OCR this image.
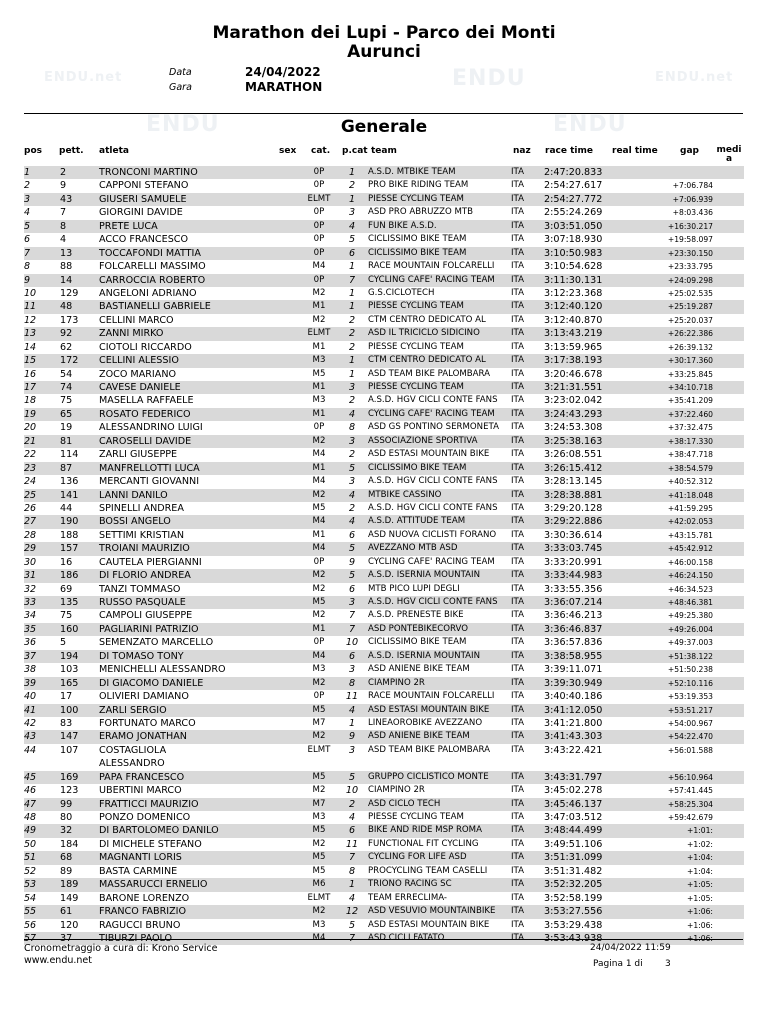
ENDU.net	ENDU	ENDU.net
ENDU	ENDU
Marathon dei Lupi - Parco dei Monti
Aurunci
Data	24/04/2022
Gara	MARATHON
Generale
pos pett. atleta	sex cat. p.cat team	naz race time real time gap medi a
1	2	TRONCONI MARTINO	0P	1	A.S.D. MTBIKE TEAM	ITA 2:47:20.833
2	9	CAPPONI STEFANO	0P	2	PRO BIKE RIDING TEAM	ITA 2:54:27.617	+7:06.784
3	43	GIUSERI SAMUELE	ELMT	1	PIESSE CYCLING TEAM	ITA 2:54:27.772	+7:06.939
4	7	GIORGINI DAVIDE	0P	3	ASD PRO ABRUZZO MTB	ITA 2:55:24.269	+8:03.436
5	8	PRETE LUCA	0P	4	FUN BIKE A.S.D.	ITA 3:03:51.050	+16:30.217
6	4	ACCO FRANCESCO	0P	5	CICLISSIMO BIKE TEAM	ITA 3:07:18.930	+19:58.097
7	13	TOCCAFONDI MATTIA	0P	6	CICLISSIMO BIKE TEAM	ITA 3:10:50.983	+23:30.150
8	88	FOLCARELLI MASSIMO	M4	1	RACE MOUNTAIN FOLCARELLI ITA 3:10:54.628	+23:33.795
9	14	CARROCCIA ROBERTO	0P	7	CYCLING CAFE' RACING TEAM ITA 3:11:30.131	+24:09.298
10 129 ANGELONI ADRIANO	M2	1	G.S.CICLOTECH	ITA 3:12:23.368	+25:02.535
11 48	BASTIANELLI GABRIELE	M1	1	PIESSE CYCLING TEAM	ITA 3:12:40.120	+25:19.287
12 173 CELLINI MARCO	M2	2	CTM CENTRO DEDICATO AL	ITA 3:12:40.870	+25:20.037
13 92	ZANNI MIRKO	ELMT	2	ASD IL TRICICLO SIDICINO	ITA 3:13:43.219	+26:22.386
14 62	CIOTOLI RICCARDO	M1	2	PIESSE CYCLING TEAM	ITA 3:13:59.965	+26:39.132
15 172 CELLINI ALESSIO	M3	1	CTM CENTRO DEDICATO AL	ITA 3:17:38.193	+30:17.360
16 54	ZOCO MARIANO	M5	1	ASD TEAM BIKE PALOMBARA ITA 3:20:46.678	+33:25.845
17 74	CAVESE DANIELE	M1	3	PIESSE CYCLING TEAM	ITA 3:21:31.551	+34:10.718
18 75	MASELLA RAFFAELE	M3	2	A.S.D. HGV CICLI CONTE FANS ITA 3:23:02.042	+35:41.209
19 65	ROSATO FEDERICO	M1	4	CYCLING CAFE' RACING TEAM ITA 3:24:43.293	+37:22.460
20 19	ALESSANDRINO LUIGI	0P	8	ASD GS PONTINO SERMONETA ITA 3:24:53.308	+37:32.475
21 81	CAROSELLI DAVIDE	M2	3	ASSOCIAZIONE SPORTIVA	ITA 3:25:38.163	+38:17.330
22 114 ZARLI GIUSEPPE	M4	2	ASD ESTASI MOUNTAIN BIKE	ITA 3:26:08.551	+38:47.718
23 87	MANFRELLOTTI LUCA	M1	5	CICLISSIMO BIKE TEAM	ITA 3:26:15.412	+38:54.579
24 136 MERCANTI GIOVANNI	M4	3	A.S.D. HGV CICLI CONTE FANS ITA 3:28:13.145	+40:52.312
25 141 LANNI DANILO	M2	4	MTBIKE CASSINO	ITA 3:28:38.881	+41:18.048
26 44	SPINELLI ANDREA	M5	2	A.S.D. HGV CICLI CONTE FANS ITA 3:29:20.128	+41:59.295
27 190 BOSSI ANGELO	M4	4	A.S.D. ATTITUDE TEAM	ITA 3:29:22.886	+42:02.053
28 188 SETTIMI KRISTIAN	M1	6	ASD NUOVA CICLISTI FORANO ITA 3:30:36.614	+43:15.781
29 157 TROIANI MAURIZIO	M4	5	AVEZZANO MTB ASD	ITA 3:33:03.745	+45:42.912
30 16	CAUTELA PIERGIANNI	0P	9	CYCLING CAFE' RACING TEAM ITA 3:33:20.991	+46:00.158
31 186 DI FLORIO ANDREA	M2	5	A.S.D. ISERNIA MOUNTAIN	ITA 3:33:44.983	+46:24.150
32 69	TANZI TOMMASO	M2	6	MTB PICO LUPI DEGLI	ITA 3:33:55.356	+46:34.523
33 135 RUSSO PASQUALE	M5	3	A.S.D. HGV CICLI CONTE FANS ITA 3:36:07.214	+48:46.381
34 75	CAMPOLI GIUSEPPE	M2	7	A.S.D. PRENESTE BIKE	ITA 3:36:46.213	+49:25.380
35 160 PAGLIARINI PATRIZIO	M1	7	ASD PONTEBIKECORVO	ITA 3:36:46.837	+49:26.004
36 5	SEMENZATO MARCELLO	0P	10 CICLISSIMO BIKE TEAM	ITA 3:36:57.836	+49:37.003
37 194 DI TOMASO TONY	M4	6	A.S.D. ISERNIA MOUNTAIN	ITA 3:38:58.955	+51:38.122
38 103 MENICHELLI ALESSANDRO	M3	3	ASD ANIENE BIKE TEAM	ITA 3:39:11.071	+51:50.238
39 165 DI GIACOMO DANIELE	M2	8	CIAMPINO 2R	ITA 3:39:30.949	+52:10.116
40 17	OLIVIERI DAMIANO	0P	11 RACE MOUNTAIN FOLCARELLI ITA 3:40:40.186	+53:19.353
41 100 ZARLI SERGIO	M5	4	ASD ESTASI MOUNTAIN BIKE	ITA 3:41:12.050	+53:51.217
42 83	FORTUNATO MARCO	M7	1	LINEAOROBIKE AVEZZANO	ITA 3:41:21.800	+54:00.967
43 147 ERAMO JONATHAN	M2	9	ASD ANIENE BIKE TEAM	ITA 3:41:43.303	+54:22.470
44 107 COSTAGLIOLA	ELMT	3	ASD TEAM BIKE PALOMBARA ITA 3:43:22.421	+56:01.588
ALESSANDRO
45 169 PAPA FRANCESCO	M5	5	GRUPPO CICLISTICO MONTE	ITA 3:43:31.797	+56:10.964
46 123 UBERTINI MARCO	M2	10 CIAMPINO 2R	ITA 3:45:02.278	+57:41.445
47 99	FRATTICCI MAURIZIO	M7	2	ASD CICLO TECH	ITA 3:45:46.137	+58:25.304
48 80	PONZO DOMENICO	M3	4	PIESSE CYCLING TEAM	ITA 3:47:03.512	+59:42.679
49 32	DI BARTOLOMEO DANILO	M5	6	BIKE AND RIDE MSP ROMA	ITA 3:48:44.499	+1:01:
50 184 DI MICHELE STEFANO	M2	11 FUNCTIONAL FIT CYCLING	ITA 3:49:51.106	+1:02:
51 68	MAGNANTI LORIS	M5	7	CYCLING FOR LIFE ASD	ITA 3:51:31.099	+1:04:
52 89	BASTA CARMINE	M5	8	PROCYCLING TEAM CASELLI	ITA 3:51:31.482	+1:04:
53 189 MASSARUCCI ERNELIO	M6	1	TRIONO RACING SC	ITA 3:52:32.205	+1:05:
54 149 BARONE LORENZO	ELMT	4	TEAM ERRECLIMA-	ITA 3:52:58.199	+1:05:
55 61	FRANCO FABRIZIO	M2	12 ASD VESUVIO MOUNTAINBIKE ITA 3:53:27.556	+1:06:
56 120 RAGUCCI BRUNO	M3	5	ASD ESTASI MOUNTAIN BIKE	ITA 3:53:29.438	+1:06:
57 37	TIBURZI PAOLO	M4	7	ASD CICLI FATATO	ITA 3:53:43.938	+1:06:
Cronometraggio a cura di: Krono Service
www.endu.net
24/04/2022 11:59
Pagina 1 di 3
